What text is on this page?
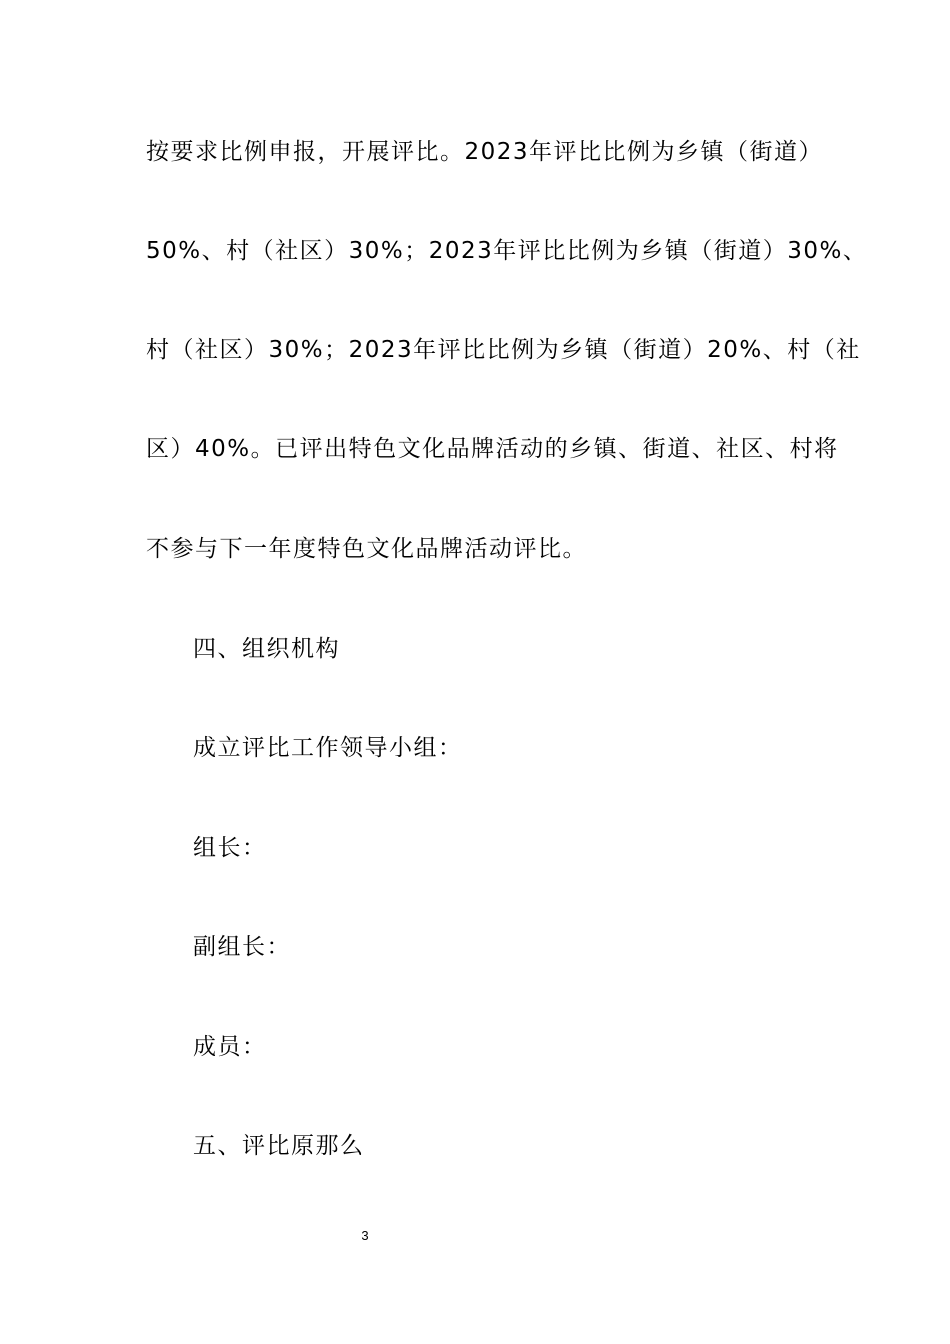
按要求比例申报，开展评比。2023年评比比例为乡镇（街道）
50%、村（社区）30%；2023年评比比例为乡镇（街道）30%、
村（社区）30%；2023年评比比例为乡镇（街道）20%、村（社
区）40%。已评出特色文化品牌活动的乡镇、街道、社区、村将
不参与下一年度特色文化品牌活动评比。
四、组织机构
成立评比工作领导小组：
组长：
副组长：
成员：
五、评比原那么
3
